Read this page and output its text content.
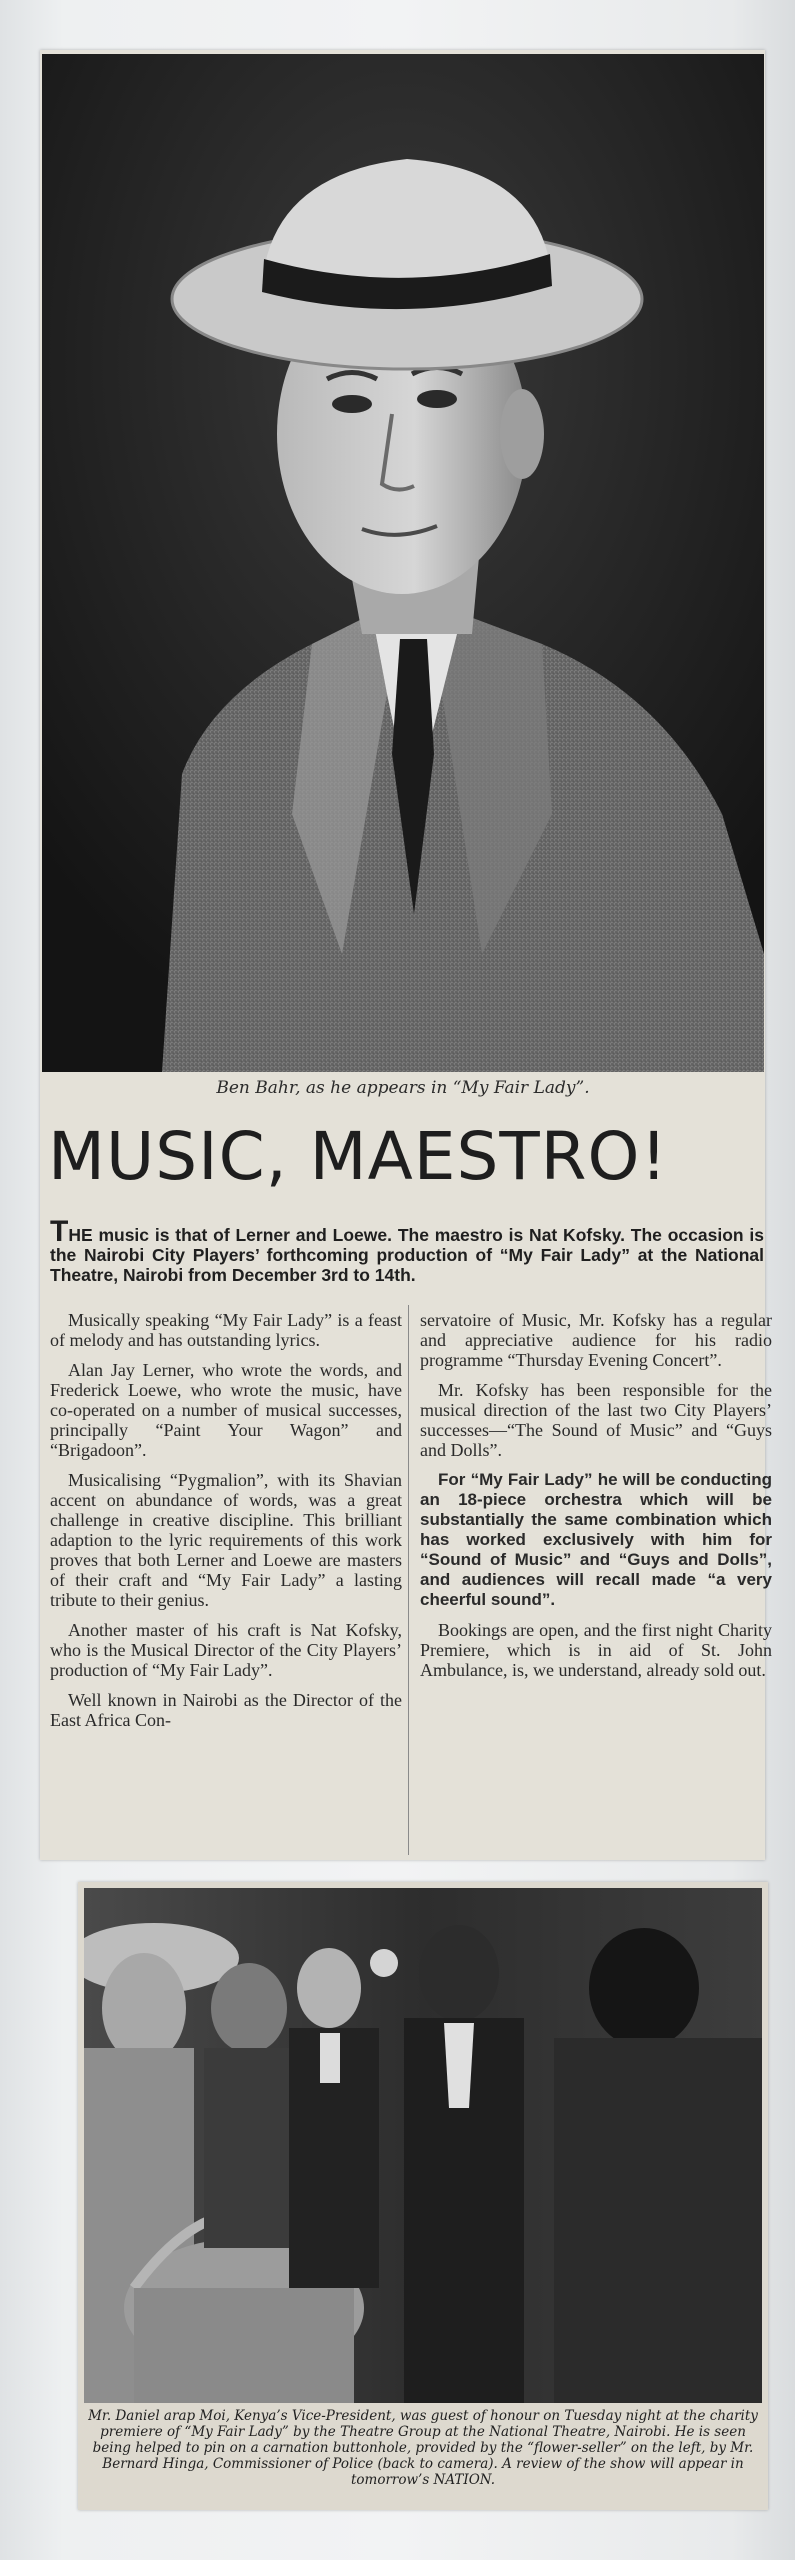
Ben Bahr, as he appears in “My Fair Lady”.
MUSIC, MAESTRO!
THE music is that of Lerner and Loewe. The maestro is Nat Kofsky. The occasion is the Nairobi City Players’ forthcoming production of “My Fair Lady” at the National Theatre, Nairobi from December 3rd to 14th.

Musically speaking “My Fair Lady” is a feast of melody and has outstanding lyrics.

Alan Jay Lerner, who wrote the words, and Frederick Loewe, who wrote the music, have co-operated on a number of musical successes, principally “Paint Your Wagon” and “Brigadoon”.

Musicalising “Pygmalion”, with its Shavian accent on abundance of words, was a great challenge in creative discipline. This brilliant adaption to the lyric requirements of this work proves that both Lerner and Loewe are masters of their craft and “My Fair Lady” a lasting tribute to their genius.

Another master of his craft is Nat Kofsky, who is the Musical Director of the City Players’ production of “My Fair Lady”.

Well known in Nairobi as the Director of the East Africa Con-

servatoire of Music, Mr. Kofsky has a regular and appreciative audience for his radio programme “Thursday Evening Concert”.

Mr. Kofsky has been responsible for the musical direction of the last two City Players’ successes—“The Sound of Music” and “Guys and Dolls”.

For “My Fair Lady” he will be conducting an 18-piece orchestra which will be substantially the same combination which has worked exclusively with him for “Sound of Music” and “Guys and Dolls”, and audiences will recall made “a very cheerful sound”.

Bookings are open, and the first night Charity Premiere, which is in aid of St. John Ambulance, is, we understand, already sold out.

Mr. Daniel arap Moi, Kenya’s Vice-President, was guest of honour on Tuesday night at the charity premiere of “My Fair Lady” by the Theatre Group at the National Theatre, Nairobi. He is seen being helped to pin on a carnation buttonhole, provided by the “flower-seller” on the left, by Mr. Bernard Hinga, Commissioner of Police (back to camera). A review of the show will appear in tomorrow’s NATION.
